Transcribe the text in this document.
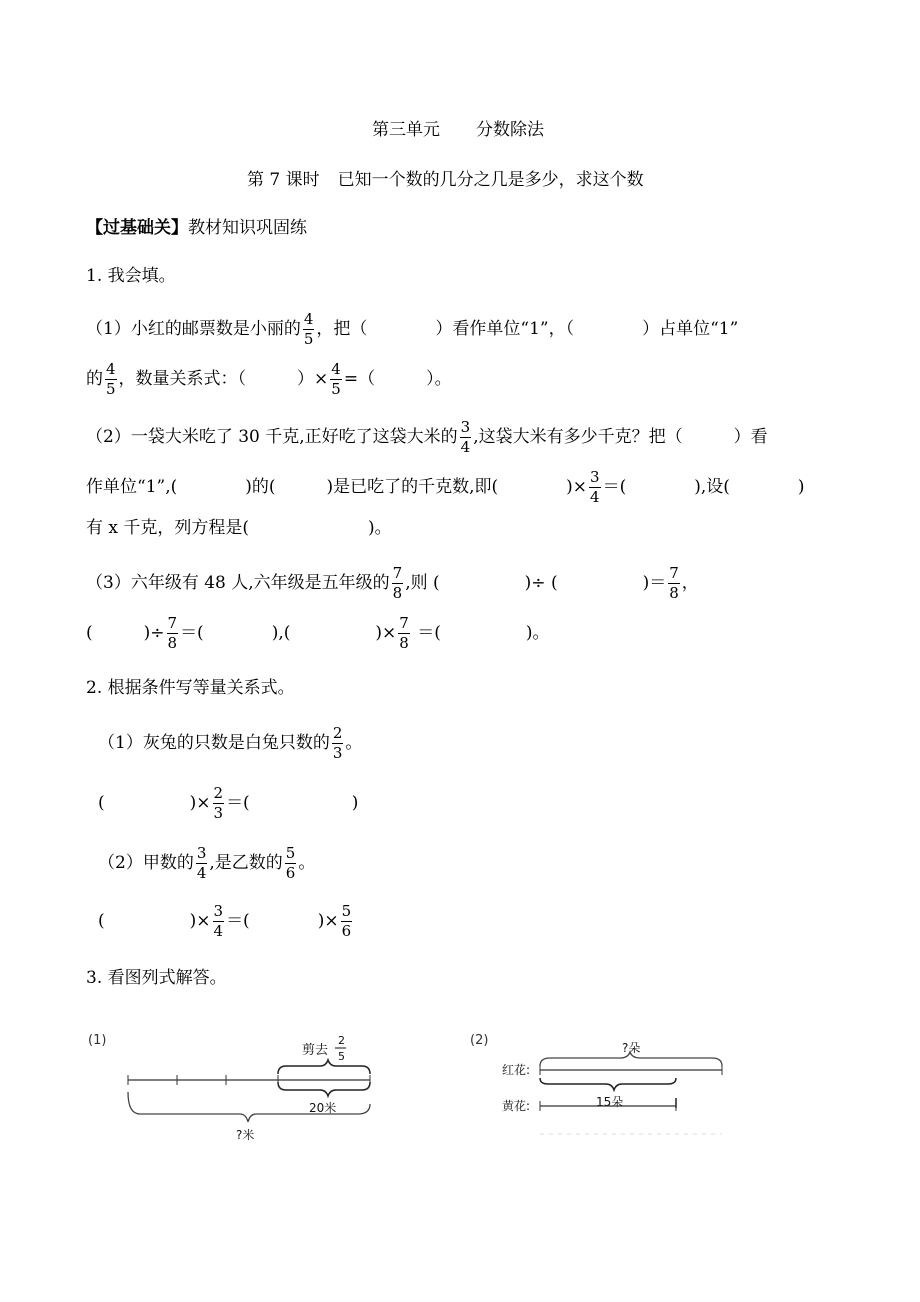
第三单元 分数除法
第 7 课时 已知一个数的几分之几是多少，求这个数
【过基础关】教材知识巩固练
1. 我会填。
（1）小红的邮票数是小丽的 $\frac{4}{5}$ ，把（　　　　）看作单位“1”，（　　　　）占单位“1”
的 $\frac{4}{5}$ ，数量关系式：（　　　）× $\frac{4}{5}$ =（　　　）。
（2）一袋大米吃了 30 千克,正好吃了这袋大米的 $\frac{3}{4}$ ,这袋大米有多少千克？把（　　　）看
作单位“1”,(　　　　)的(　　　)是已吃了的千克数,即(　　　　)× $\frac{3}{4}$ ＝(　　　　),设(　　　　)
有 x 千克，列方程是(　　　　　　　)。
（3）六年级有 48 人,六年级是五年级的 $\frac{7}{8}$ ,则 (　　　　　)÷ (　　　　　)＝ $\frac{7}{8}$ ，
(　　　)÷ $\frac{7}{8}$ ＝(　　　　),(　　　　　)× $\frac{7}{8}$ ＝(　　　　　)。
2. 根据条件写等量关系式。
（1）灰兔的只数是白兔只数的 $\frac{2}{3}$ 。
(　　　　　)× $\frac{2}{3}$ ＝(　　　　　　)
（2）甲数的 $\frac{3}{4}$ ,是乙数的 $\frac{5}{6}$ 。
(　　　　　)× $\frac{3}{4}$ ＝(　　　　)× $\frac{5}{6}$
3. 看图列式解答。
(1)
剪去
2
5
20米
?米
(2)	?朵
红花:
15朵
黄花:
